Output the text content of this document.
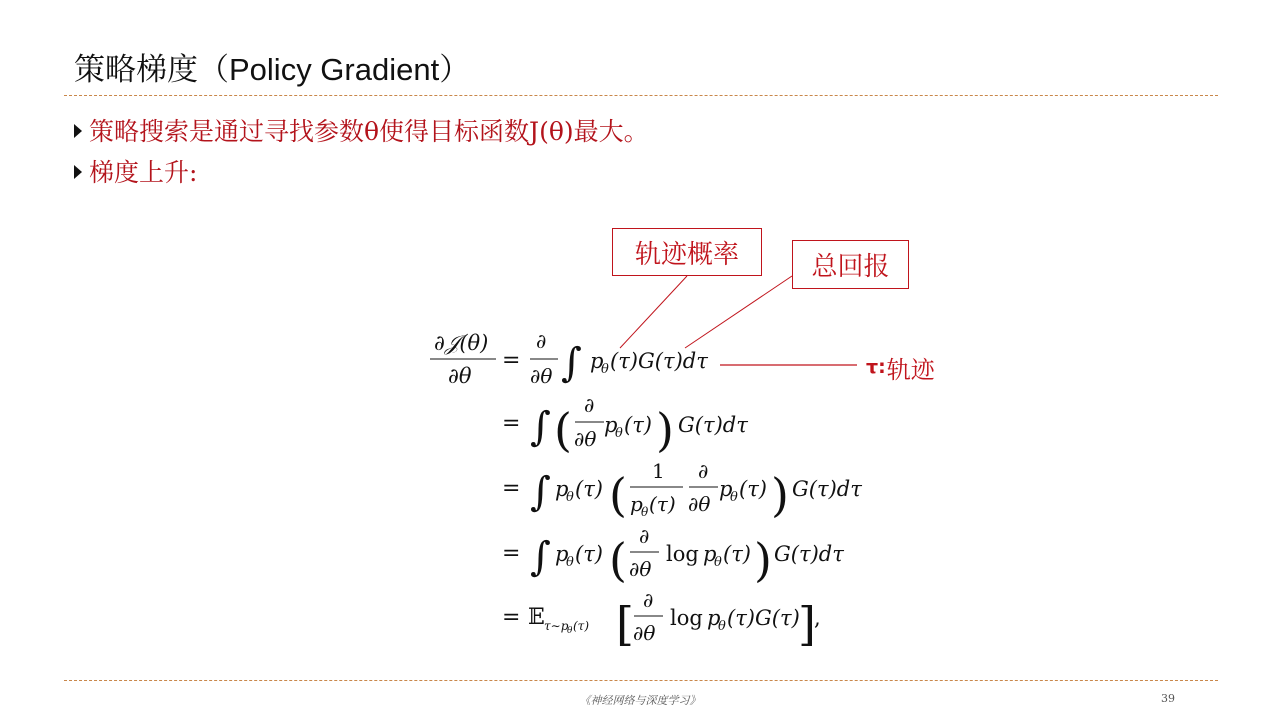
策略梯度（Policy Gradient）
策略搜索是通过寻找参数θ使得目标函数J(θ)最大。
梯度上升:
轨迹概率	总回报
τ : 轨迹
∂𝒥(θ)
∂θ
=
∂
∂θ ∫ p
θ (τ)G(τ)dτ
= ∫ ( ∂
∂θ
p
θ (τ) ) G(τ)dτ
= ∫ p
θ (τ) ( 1
p
θ (τ)
∂
∂θ
p
θ (τ) ) G(τ)dτ
= ∫ p
θ (τ) ( ∂
∂θ
log p
θ (τ) ) G(τ)dτ
= 𝔼 τ∼p
θ (τ) [ ∂
∂θ
log p
θ (τ)G(τ)
]
,
《神经网络与深度学习》	39
